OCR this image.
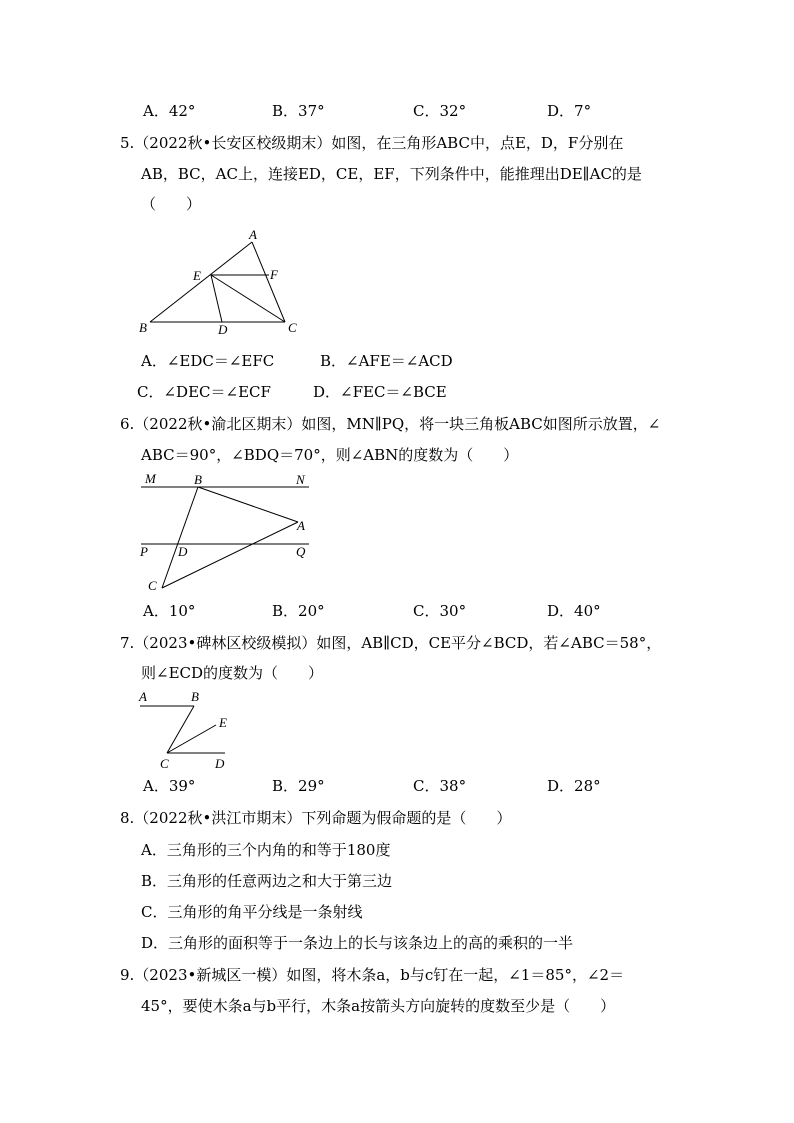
A．42°	B．37°	C．32°	D．7°
5.（2022秋•长安区校级期末）如图，在三角形ABC中，点E，D，F分别在
AB，BC，AC上，连接ED，CE，EF，下列条件中，能推理出DE∥AC的是
（　　）
A
E	F
B	D	C
A．∠EDC＝∠EFC	B．∠AFE＝∠ACD
C．∠DEC＝∠ECF	D．∠FEC＝∠BCE
6.（2022秋•渝北区期末）如图，MN∥PQ，将一块三角板ABC如图所示放置，∠
ABC＝90°，∠BDQ＝70°，则∠ABN的度数为（　　）
M	B	N
A
P D	Q
C
A．10°	B．20°	C．30°	D．40°
7.（2023•碑林区校级模拟）如图，AB∥CD，CE平分∠BCD，若∠ABC＝58°，
则∠ECD的度数为（　　）
A	B
E
C	D
A．39°	B．29°	C．38°	D．28°
8.（2022秋•洪江市期末）下列命题为假命题的是（　　）
A．三角形的三个内角的和等于180度
B．三角形的任意两边之和大于第三边
C．三角形的角平分线是一条射线
D．三角形的面积等于一条边上的长与该条边上的高的乘积的一半
9.（2023•新城区一模）如图，将木条a，b与c钉在一起，∠1＝85°，∠2＝
45°，要使木条a与b平行，木条a按箭头方向旋转的度数至少是（　　）
